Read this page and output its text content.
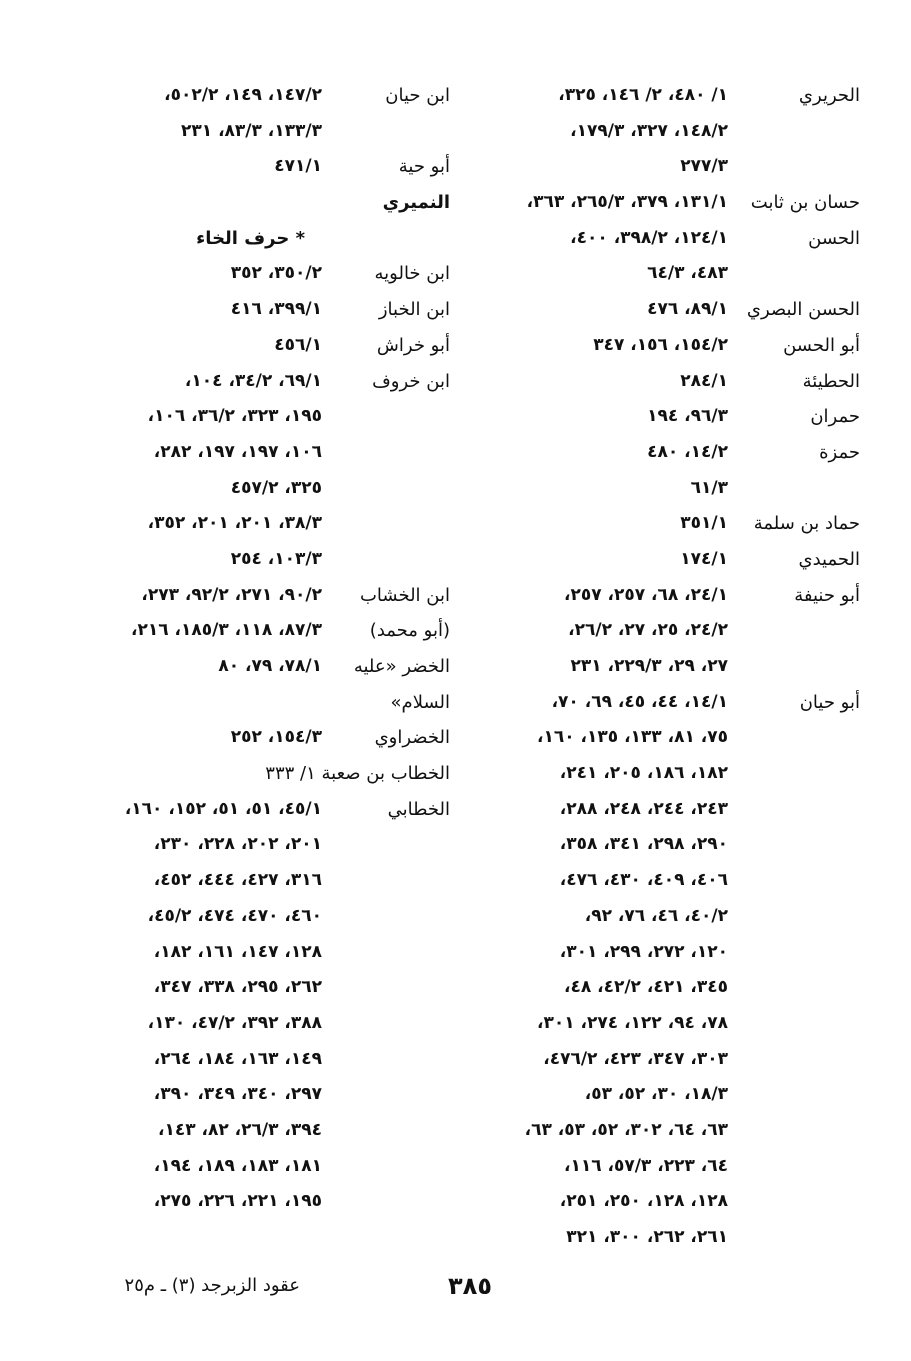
الحريري
١/ ٤٨٠، ٢/ ١٤٦، ٣٢٥،
١٤٨/٢، ٣٢٧، ١٧٩/٣،
٢٧٧/٣
حسان بن ثابت
١٣١/١، ٣٧٩، ٢٦٥/٣، ٣٦٣،
الحسن
١٢٤/١، ٣٩٨/٢، ٤٠٠،
٤٨٣، ٦٤/٣
الحسن البصري
٨٩/١، ٤٧٦
أبو الحسن
١٥٤/٢، ١٥٦، ٣٤٧
الحطيئة
٢٨٤/١
حمران
٩٦/٣، ١٩٤
حمزة
١٤/٢، ٤٨٠
٦١/٣
حماد بن سلمة
٣٥١/١
الحميدي
١٧٤/١
أبو حنيفة
٢٤/١، ٦٨، ٢٥٧، ٢٥٧،
٢٤/٢، ٢٥، ٢٧، ٢٦/٢،
٢٧، ٢٩، ٢٢٩/٣، ٢٣١
أبو حيان
١٤/١، ٤٤، ٤٥، ٦٩، ٧٠،
٧٥، ٨١، ١٣٣، ١٣٥، ١٦٠،
١٨٢، ١٨٦، ٢٠٥، ٢٤١،
٢٤٣، ٢٤٤، ٢٤٨، ٢٨٨،
٢٩٠، ٢٩٨، ٣٤١، ٣٥٨،
٤٠٦، ٤٠٩، ٤٣٠، ٤٧٦،
٤٠/٢، ٤٦، ٧٦، ٩٢،
١٢٠، ٢٧٢، ٢٩٩، ٣٠١،
٣٤٥، ٤٢١، ٤٢/٢، ٤٨،
٧٨، ٩٤، ١٢٢، ٢٧٤، ٣٠١،
٣٠٣، ٣٤٧، ٤٢٣، ٤٧٦/٢،
١٨/٣، ٣٠، ٥٢، ٥٣،
٦٣، ٦٤، ٣٠٢، ٥٢، ٥٣، ٦٣،
٦٤، ٢٢٣، ٥٧/٣، ١١٦،
١٢٨، ١٢٨، ٢٥٠، ٢٥١،
٢٦١، ٢٦٢، ٣٠٠، ٣٢١
ابن حيان
١٤٧/٢، ١٤٩، ٥٠٢/٢،
١٣٣/٣، ٨٣/٣، ٢٣١
أبو حية
٤٧١/١
النميري
* حرف الخاء
ابن خالويه
٣٥٠/٢، ٣٥٢
ابن الخباز
٣٩٩/١، ٤١٦
أبو خراش
٤٥٦/١
ابن خروف
٦٩/١، ٣٤/٢، ١٠٤،
١٩٥، ٣٢٣، ٣٦/٢، ١٠٦،
١٠٦، ١٩٧، ١٩٧، ٢٨٢،
٣٢٥، ٤٥٧/٢
٣٨/٣، ٢٠١، ٢٠١، ٣٥٢،
١٠٣/٣، ٢٥٤
ابن الخشاب
٩٠/٢، ٢٧١، ٩٢/٢، ٢٧٣،
(أبو محمد)
٨٧/٣، ١١٨، ١٨٥/٣، ٢١٦،
الخضر «عليه
٧٨/١، ٧٩، ٨٠
السلام»
الخضراوي
١٥٤/٣، ٢٥٢
الخطاب بن صعبة ١/ ٣٣٣
الخطابي
٤٥/١، ٥١، ٥١، ١٥٢، ١٦٠،
٢٠١، ٢٠٢، ٢٢٨، ٢٣٠،
٣١٦، ٤٢٧، ٤٤٤، ٤٥٢،
٤٦٠، ٤٧٠، ٤٧٤، ٤٥/٢،
١٢٨، ١٤٧، ١٦١، ١٨٢،
٢٦٢، ٢٩٥، ٣٣٨، ٣٤٧،
٣٨٨، ٣٩٢، ٤٧/٢، ١٣٠،
١٤٩، ١٦٣، ١٨٤، ٢٦٤،
٢٩٧، ٣٤٠، ٣٤٩، ٣٩٠،
٣٩٤، ٢٦/٣، ٨٢، ١٤٣،
١٨١، ١٨٣، ١٨٩، ١٩٤،
١٩٥، ٢٢١، ٢٢٦، ٢٧٥،
٣٨٥
عقود الزبرجد (٣) ـ م٢٥
